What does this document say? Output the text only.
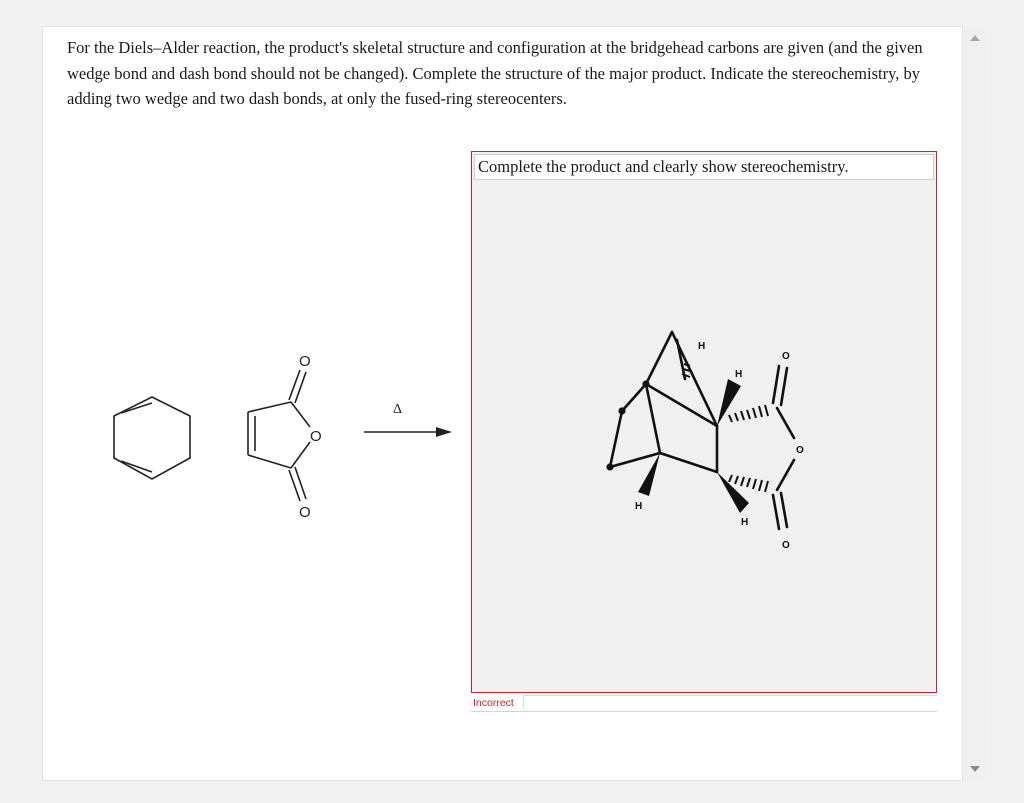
For the Diels–Alder reaction, the product's skeletal structure and configuration at the bridgehead carbons are given (and the given wedge bond and dash bond should not be changed). Complete the structure of the major product. Indicate the stereochemistry, by adding two wedge and two dash bonds, at only the fused-ring stereocenters.

O
O
O
Δ
Complete the product and clearly show stereochemistry.
H
H
H
H
O
O
O
Incorrect
